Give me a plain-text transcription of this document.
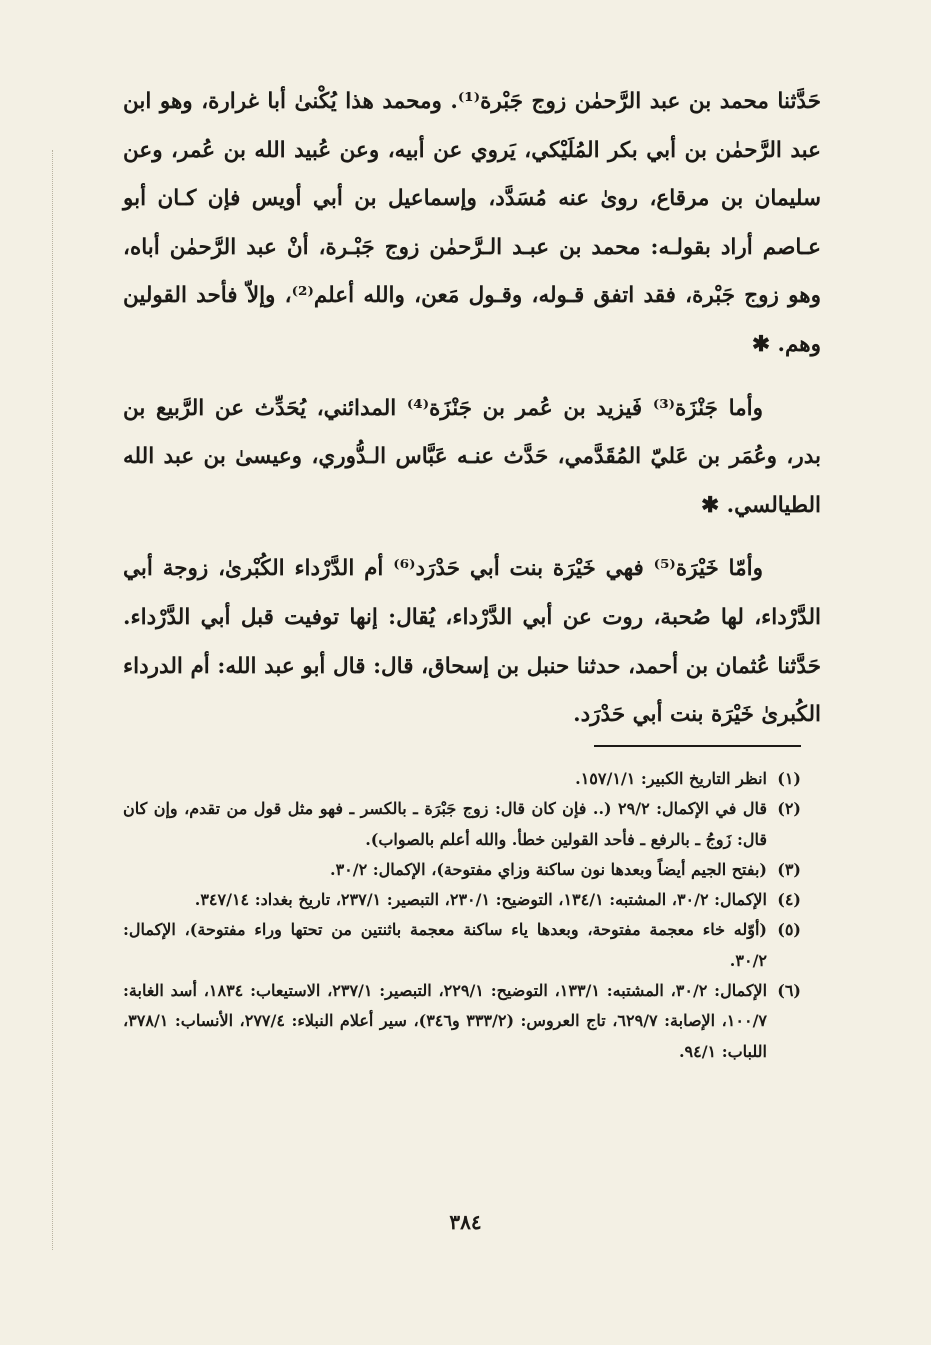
حَدَّثنا محمد بن عبد الرَّحمٰن زوج جَبْرة⁽¹⁾. ومحمد هذا يُكْنىٰ أبا غرارة، وهو ابن عبد الرَّحمٰن بن أبي بكر المُلَيْكي، يَروي عن أبيه، وعن عُبيد الله بن عُمر، وعن سليمان بن مرقاع، روىٰ عنه مُسَدَّد، وإسماعيل بن أبي أويس فإن كـان أبو عـاصم أراد بقولـه: محمد بن عبـد الـرَّحمٰن زوج جَبْـرة، أنْ عبد الرَّحمٰن أباه، وهو زوج جَبْرة، فقد اتفق قـوله، وقـول مَعن، والله أعلم⁽²⁾، وإلاّ فأحد القولين وهم. ✱

وأما جَنْزَة⁽³⁾ فَيزيد بن عُمر بن جَنْزَة⁽⁴⁾ المدائني، يُحَدِّث عن الرَّبيع بن بدر، وعُمَر بن عَليّ المُقَدَّمي، حَدَّث عنـه عَبَّاس الـدُّوري، وعيسىٰ بن عبد الله الطيالسي. ✱

وأمّا خَيْرَة⁽⁵⁾ فهي خَيْرَة بنت أبي حَدْرَد⁽⁶⁾ أم الدَّرْداء الكُبْرىٰ، زوجة أبي الدَّرْداء، لها صُحبة، روت عن أبي الدَّرْداء، يُقال: إنها توفيت قبل أبي الدَّرْداء. حَدَّثنا عُثمان بن أحمد، حدثنا حنبل بن إسحاق، قال: قال أبو عبد الله: أم الدرداء الكُبرىٰ خَيْرَة بنت أبي حَدْرَد.

(١)
انظر التاريخ الكبير: ١٥٧/١/١.
(٢)
قال في الإكمال: ٢٩/٢ (.. فإن كان قال: زوج جَبْرَة ـ بالكسر ـ فهو مثل قول من تقدم، وإن كان قال: زَوجُ ـ بالرفع ـ فأحد القولين خطأ. والله أعلم بالصواب).
(٣)
(بفتح الجيم أيضاً وبعدها نون ساكنة وزاي مفتوحة)، الإكمال: ٣٠/٢.
(٤)
الإكمال: ٣٠/٢، المشتبه: ١٣٤/١، التوضيح: ٢٣٠/١، التبصير: ٢٣٧/١، تاريخ بغداد: ٣٤٧/١٤.
(٥)
(أوّله خاء معجمة مفتوحة، وبعدها ياء ساكنة معجمة باثنتين من تحتها وراء مفتوحة)، الإكمال: ٣٠/٢.
(٦)
الإكمال: ٣٠/٢، المشتبه: ١٣٣/١، التوضيح: ٢٢٩/١، التبصير: ٢٣٧/١، الاستيعاب: ١٨٣٤، أسد الغابة: ١٠٠/٧، الإصابة: ٦٢٩/٧، تاج العروس: (٣٣٣/٢ و٣٤٦)، سير أعلام النبلاء: ٢٧٧/٤، الأنساب: ٣٧٨/١، اللباب: ٩٤/١.
٣٨٤
